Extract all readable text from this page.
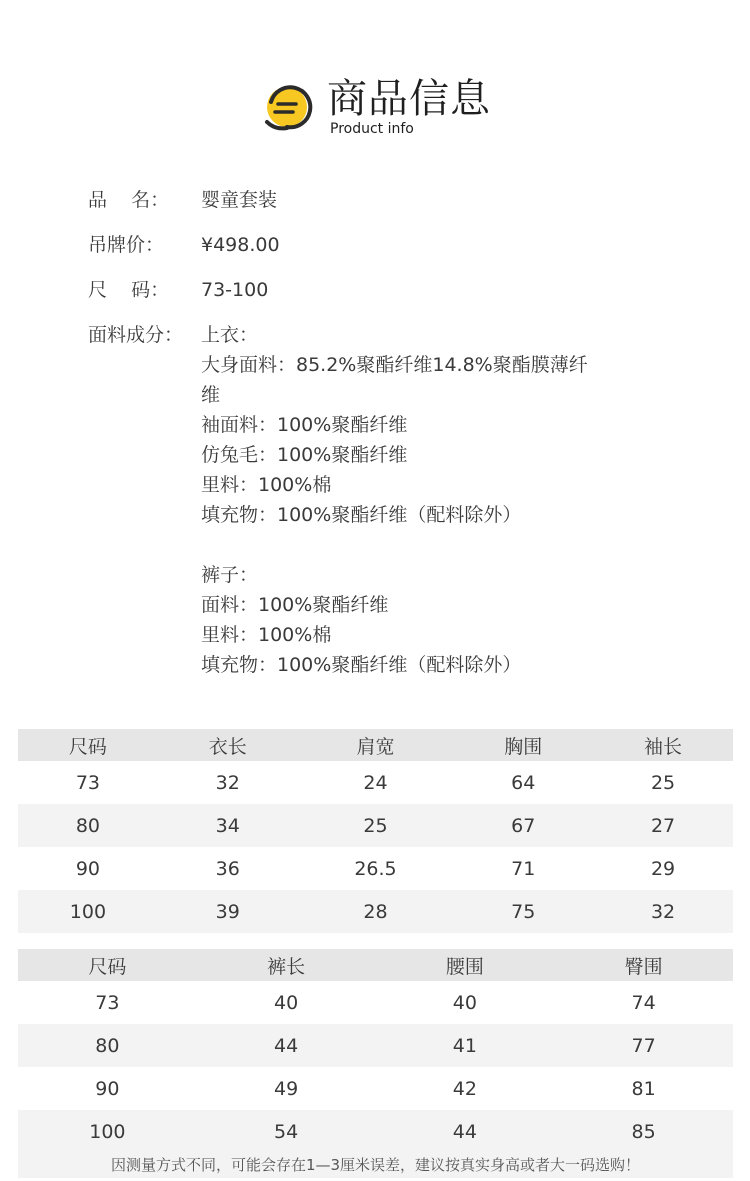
商品信息
Product info
品    名：	婴童套装
吊牌价：	¥498.00
尺    码：	73-100
面料成分： 上衣：
大身面料：85.2%聚酯纤维14.8%聚酯膜薄纤
维
袖面料：100%聚酯纤维
仿兔毛：100%聚酯纤维
里料：100%棉
填充物：100%聚酯纤维（配料除外）
裤子：
面料：100%聚酯纤维
里料：100%棉
填充物：100%聚酯纤维（配料除外）
尺码	衣长	肩宽	胸围	袖长
73	32	24	64	25
80	34	25	67	27
90	36	26.5	71	29
100	39	28	75	32
尺码	裤长	腰围	臀围
73	40	40	74
80	44	41	77
90	49	42	81
100	54	44	85
因测量方式不同，可能会存在1—3厘米误差，建议按真实身高或者大一码选购！
